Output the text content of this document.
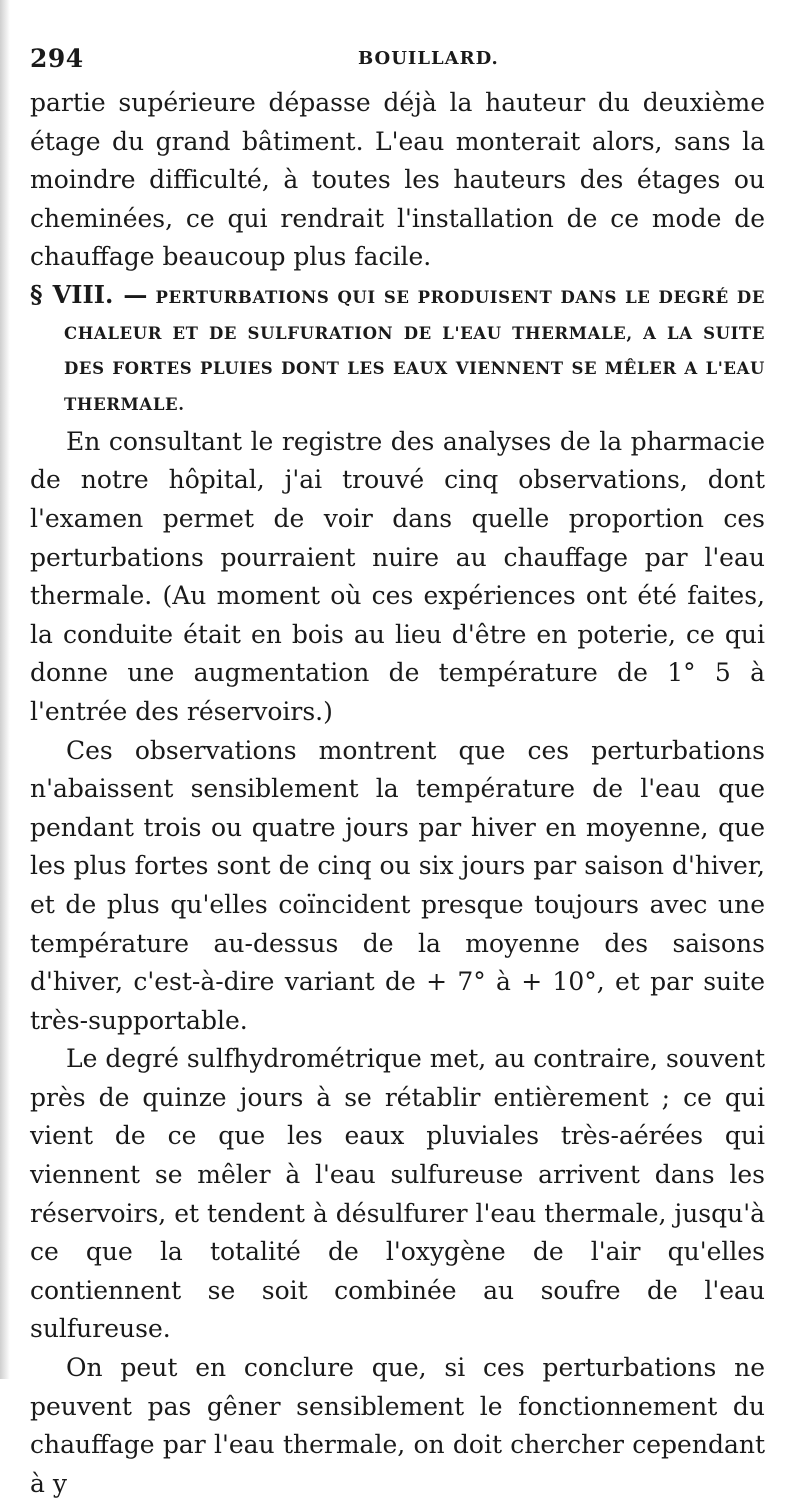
294	BOUILLARD.

partie supérieure dépasse déjà la hauteur du deuxième étage du grand bâtiment. L'eau monterait alors, sans la moindre difficulté, à toutes les hauteurs des étages ou cheminées, ce qui rendrait l'installation de ce mode de chauffage beaucoup plus facile.

§ VIII. — PERTURBATIONS QUI SE PRODUISENT DANS LE DEGRÉ DE CHALEUR ET DE SULFURATION DE L'EAU THERMALE, A LA SUITE DES FORTES PLUIES DONT LES EAUX VIENNENT SE MÊLER A L'EAU THERMALE.

En consultant le registre des analyses de la pharmacie de notre hôpital, j'ai trouvé cinq observations, dont l'examen permet de voir dans quelle proportion ces perturbations pourraient nuire au chauffage par l'eau thermale. (Au moment où ces expériences ont été faites, la conduite était en bois au lieu d'être en poterie, ce qui donne une augmentation de température de 1° 5 à l'entrée des réservoirs.)

Ces observations montrent que ces perturbations n'abaissent sensiblement la température de l'eau que pendant trois ou quatre jours par hiver en moyenne, que les plus fortes sont de cinq ou six jours par saison d'hiver, et de plus qu'elles coïncident presque toujours avec une température au-dessus de la moyenne des saisons d'hiver, c'est-à-dire variant de + 7° à + 10°, et par suite très-supportable.

Le degré sulfhydrométrique met, au contraire, souvent près de quinze jours à se rétablir entièrement ; ce qui vient de ce que les eaux pluviales très-aérées qui viennent se mêler à l'eau sulfureuse arrivent dans les réservoirs, et tendent à désulfurer l'eau thermale, jusqu'à ce que la totalité de l'oxygène de l'air qu'elles contiennent se soit combinée au soufre de l'eau sulfureuse.

On peut en conclure que, si ces perturbations ne peuvent pas gêner sensiblement le fonctionnement du chauffage par l'eau thermale, on doit chercher cependant à y
